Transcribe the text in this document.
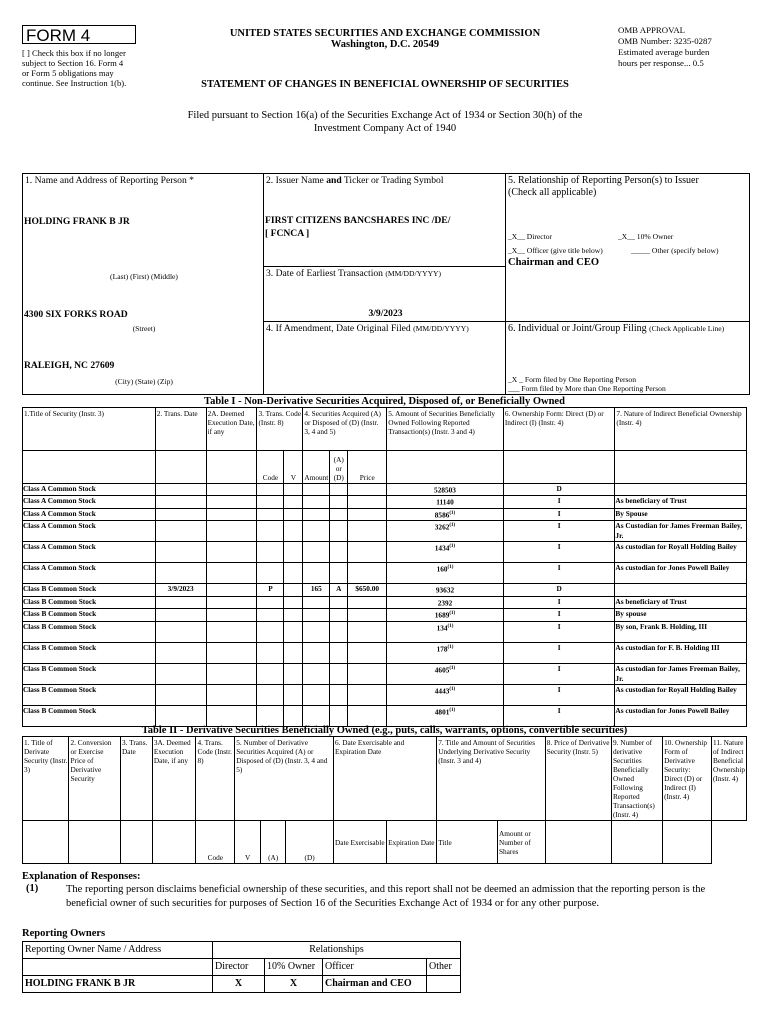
FORM 4
[ ] Check this box if no longer
subject to Section 16. Form 4
or Form 5 obligations may
continue. See Instruction 1(b).
UNITED STATES SECURITIES AND EXCHANGE COMMISSION
Washington, D.C. 20549
OMB APPROVAL
OMB Number: 3235-0287
Estimated average burden
hours per response... 0.5
STATEMENT OF CHANGES IN BENEFICIAL OWNERSHIP OF SECURITIES
Filed pursuant to Section 16(a) of the Securities Exchange Act of 1934 or Section 30(h) of the
Investment Company Act of 1940
1. Name and Address of Reporting Person *
HOLDING FRANK B JR
(Last) (First) (Middle)
4300 SIX FORKS ROAD
(Street)
RALEIGH, NC 27609
(City) (State) (Zip)
2. Issuer Name and Ticker or Trading Symbol
FIRST CITIZENS BANCSHARES INC /DE/
[ FCNCA ]
3. Date of Earliest Transaction (MM/DD/YYYY)
3/9/2023
4. If Amendment, Date Original Filed (MM/DD/YYYY)
5. Relationship of Reporting Person(s) to Issuer
(Check all applicable)
_X__ Director	_X__ 10% Owner
_X__ Officer (give title below)	_____ Other (specify below)
Chairman and CEO
6. Individual or Joint/Group Filing (Check Applicable Line)
_X _ Form filed by One Reporting Person
___ Form filed by More than One Reporting Person
Table I - Non-Derivative Securities Acquired, Disposed of, or Beneficially Owned
1.Title of Security (Instr. 3)	2. Trans. Date	2A. Deemed Execution Date, if any	3. Trans. Code (Instr. 8)		4. Securities Acquired (A) or Disposed of (D) (Instr. 3, 4 and 5)			5. Amount of Securities Beneficially Owned Following Reported Transaction(s) (Instr. 3 and 4)	6. Ownership Form: Direct (D) or Indirect (I) (Instr. 4)	7. Nature of Indirect Beneficial Ownership (Instr. 4)
			Code	V	Amount	(A) or (D)	Price			
Class A Common Stock								528503	D	
Class A Common Stock								11140	I	As beneficiary of Trust
Class A Common Stock								8586$^{(1)}$	I	By Spouse
Class A Common Stock								3262$^{(1)}$	I	As Custodian for James Freeman Bailey, Jr.
Class A Common Stock								1434$^{(1)}$	I	As custodian for Royall Holding Bailey
Class A Common Stock								160$^{(1)}$	I	As custodian for Jones Powell Bailey
Class B Common Stock	3/9/2023		P		165	A	$650.00	93632	D	
Class B Common Stock								2392	I	As beneficiary of Trust
Class B Common Stock								1689$^{(1)}$	I	By spouse
Class B Common Stock								134$^{(1)}$	I	By son, Frank B. Holding, III
Class B Common Stock								178$^{(1)}$	I	As custodian for F. B. Holding III
Class B Common Stock								4605$^{(1)}$	I	As custodian for James Freeman Bailey, Jr.
Class B Common Stock								4443$^{(1)}$	I	As custodian for Royall Holding Bailey
Class B Common Stock								4801$^{(1)}$	I	As custodian for Jones Powell Bailey
Table II - Derivative Securities Beneficially Owned (e.g., puts, calls, warrants, options, convertible securities)
1. Title of Derivate Security (Instr. 3)	2. Conversion or Exercise Price of Derivative Security	3. Trans. Date	3A. Deemed Execution Date, if any	4. Trans. Code (Instr. 8)	5. Number of Derivative Securities Acquired (A) or Disposed of (D) (Instr. 3, 4 and 5)			6. Date Exercisable and Expiration Date		7. Title and Amount of Securities Underlying Derivative Security (Instr. 3 and 4)		8. Price of Derivative Security (Instr. 5)	9. Number of derivative Securities Beneficially Owned Following Reported Transaction(s) (Instr. 4)	10. Ownership Form of Derivative Security: Direct (D) or Indirect (I) (Instr. 4)	11. Nature of Indirect Beneficial Ownership (Instr. 4)
				Code	V	(A)	(D)	Date Exercisable	Expiration Date	Title	Amount or Number of Shares				
Explanation of Responses:
(1)	The reporting person disclaims beneficial ownership of these securities, and this report shall not be deemed an admission that the reporting person is the beneficial owner of such securities for purposes of Section 16 of the Securities Exchange Act of 1934 or for any other purpose.
Reporting Owners
Reporting Owner Name / Address	Relationships			
	Director	10% Owner	Officer	Other
HOLDING FRANK B JR	X	X	Chairman and CEO	
